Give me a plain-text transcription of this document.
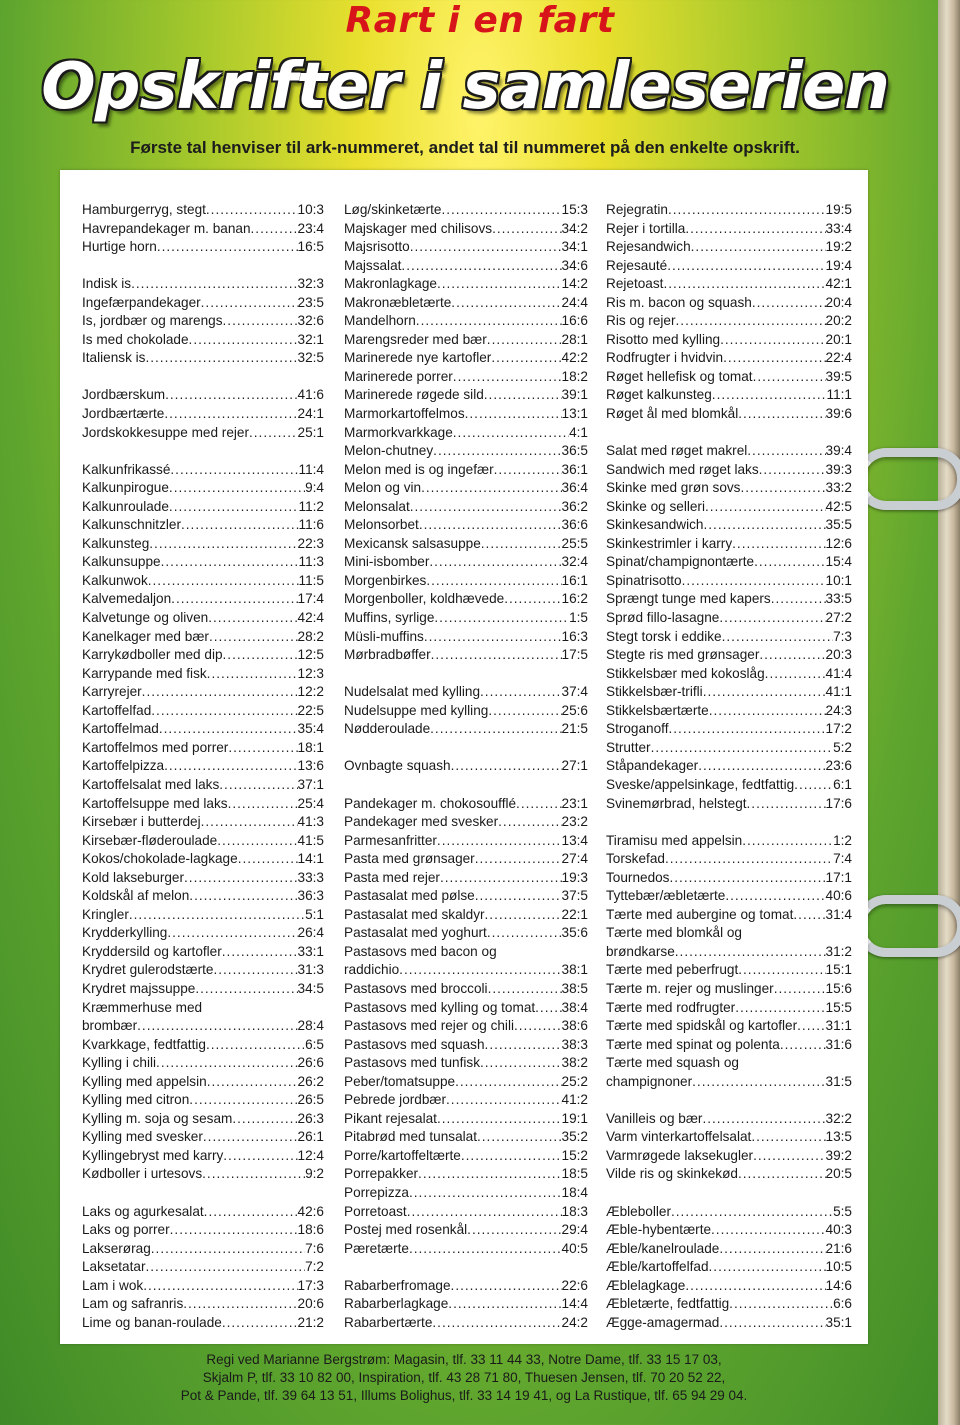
Rart i en fart
Opskrifter i samleserien
Første tal henviser til ark-nummeret, andet tal til nummeret på den enkelte opskrift.
Hamburgerryg, stegt .....	10:3
Havrepandekager m. banan .....	23:4
Hurtige horn .....	16:5
Indisk is .....	32:3
Ingefærpandekager .....	23:5
Is, jordbær og marengs .....	32:6
Is med chokolade .....	32:1
Italiensk is .....	32:5
Jordbærskum .....	41:6
Jordbærtærte .....	24:1
Jordskokkesuppe med rejer .....	25:1
Kalkunfrikassé .....	11:4
Kalkunpirogue .....	9:4
Kalkunroulade .....	11:2
Kalkunschnitzler .....	11:6
Kalkunsteg .....	22:3
Kalkunsuppe .....	11:3
Kalkunwok .....	11:5
Kalvemedaljon .....	17:4
Kalvetunge og oliven .....	42:4
Kanelkager med bær .....	28:2
Karrykødboller med dip .....	12:5
Karrypande med fisk .....	12:3
Karryrejer .....	12:2
Kartoffelfad .....	22:5
Kartoffelmad .....	35:4
Kartoffelmos med porrer .....	18:1
Kartoffelpizza .....	13:6
Kartoffelsalat med laks .....	37:1
Kartoffelsuppe med laks .....	25:4
Kirsebær i butterdej .....	41:3
Kirsebær-fløderoulade .....	41:5
Kokos/chokolade-lagkage .....	14:1
Kold lakseburger .....	33:3
Koldskål af melon .....	36:3
Kringler .....	5:1
Krydderkylling .....	26:4
Kryddersild og kartofler .....	33:1
Krydret gulerodstærte .....	31:3
Krydret majssuppe .....	34:5
Kræmmerhuse med
brombær .....	28:4
Kvarkkage, fedtfattig .....	6:5
Kylling i chili .....	26:6
Kylling med appelsin .....	26:2
Kylling med citron .....	26:5
Kylling m. soja og sesam .....	26:3
Kylling med svesker .....	26:1
Kyllingebryst med karry .....	12:4
Kødboller i urtesovs .....	9:2
Laks og agurkesalat .....	42:6
Laks og porrer .....	18:6
Lakserørag .....	7:6
Laksetatar .....	7:2
Lam i wok .....	17:3
Lam og safranris .....	20:6
Lime og banan-roulade .....	21:2
Løg/skinketærte .....	15:3
Majskager med chilisovs .....	34:2
Majsrisotto .....	34:1
Majssalat .....	34:6
Makronlagkage .....	14:2
Makronæbletærte .....	24:4
Mandelhorn .....	16:6
Marengsreder med bær .....	28:1
Marinerede nye kartofler .....	42:2
Marinerede porrer .....	18:2
Marinerede røgede sild .....	39:1
Marmorkartoffelmos .....	13:1
Marmorkvarkkage .....	4:1
Melon-chutney .....	36:5
Melon med is og ingefær .....	36:1
Melon og vin .....	36:4
Melonsalat .....	36:2
Melonsorbet .....	36:6
Mexicansk salsasuppe .....	25:5
Mini-isbomber .....	32:4
Morgenbirkes .....	16:1
Morgenboller, koldhævede .....	16:2
Muffins, syrlige .....	1:5
Müsli-muffins .....	16:3
Mørbradbøffer .....	17:5
Nudelsalat med kylling .....	37:4
Nudelsuppe med kylling .....	25:6
Nødderoulade .....	21:5
Ovnbagte squash .....	27:1
Pandekager m. chokosoufflé .....	23:1
Pandekager med svesker .....	23:2
Parmesanfritter .....	13:4
Pasta med grønsager .....	27:4
Pasta med rejer .....	19:3
Pastasalat med pølse .....	37:5
Pastasalat med skaldyr .....	22:1
Pastasalat med yoghurt .....	35:6
Pastasovs med bacon og
raddichio .....	38:1
Pastasovs med broccoli .....	38:5
Pastasovs med kylling og tomat ..... 38:4
Pastasovs med rejer og chili .....	38:6
Pastasovs med squash .....	38:3
Pastasovs med tunfisk .....	38:2
Peber/tomatsuppe .....	25:2
Pebrede jordbær .....	41:2
Pikant rejesalat .....	19:1
Pitabrød med tunsalat .....	35:2
Porre/kartoffeltærte .....	15:2
Porrepakker .....	18:5
Porrepizza .....	18:4
Porretoast .....	18:3
Postej med rosenkål .....	29:4
Pæretærte .....	40:5
Rabarberfromage .....	22:6
Rabarberlagkage .....	14:4
Rabarbertærte .....	24:2
Rejegratin .....	19:5
Rejer i tortilla .....	33:4
Rejesandwich .....	19:2
Rejesauté .....	19:4
Rejetoast .....	42:1
Ris m. bacon og squash .....	20:4
Ris og rejer .....	20:2
Risotto med kylling .....	20:1
Rodfrugter i hvidvin .....	22:4
Røget hellefisk og tomat .....	39:5
Røget kalkunsteg .....	11:1
Røget ål med blomkål .....	39:6
Salat med røget makrel .....	39:4
Sandwich med røget laks .....	39:3
Skinke med grøn sovs .....	33:2
Skinke og selleri .....	42:5
Skinkesandwich .....	35:5
Skinkestrimler i karry .....	12:6
Spinat/champignontærte .....	15:4
Spinatrisotto .....	10:1
Sprængt tunge med kapers .....	33:5
Sprød fillo-lasagne .....	27:2
Stegt torsk i eddike .....	7:3
Stegte ris med grønsager .....	20:3
Stikkelsbær med kokoslåg .....	41:4
Stikkelsbær-trifli .....	41:1
Stikkelsbærtærte .....	24:3
Stroganoff .....	17:2
Strutter .....	5:2
Ståpandekager .....	23:6
Sveske/appelsinkage, fedtfattig .....	6:1
Svinemørbrad, helstegt .....	17:6
Tiramisu med appelsin .....	1:2
Torskefad .....	7:4
Tournedos .....	17:1
Tyttebær/æbletærte .....	40:6
Tærte med aubergine og tomat ..... 31:4
Tærte med blomkål og
brøndkarse .....	31:2
Tærte med peberfrugt .....	15:1
Tærte m. rejer og muslinger .....	15:6
Tærte med rodfrugter .....	15:5
Tærte med spidskål og kartofler ..... 31:1
Tærte med spinat og polenta .....	31:6
Tærte med squash og
champignoner .....	31:5
Vanilleis og bær .....	32:2
Varm vinterkartoffelsalat .....	13:5
Varmrøgede laksekugler .....	39:2
Vilde ris og skinkekød .....	20:5
Æbleboller .....	5:5
Æble-hybentærte .....	40:3
Æble/kanelroulade .....	21:6
Æble/kartoffelfad .....	10:5
Æblelagkage .....	14:6
Æbletærte, fedtfattig .....	6:6
Ægge-amagermad .....	35:1
Regi ved Marianne Bergstrøm: Magasin, tlf. 33 11 44 33, Notre Dame, tlf. 33 15 17 03,
Skjalm P, tlf. 33 10 82 00, Inspiration, tlf. 43 28 71 80, Thuesen Jensen, tlf. 70 20 52 22,
Pot & Pande, tlf. 39 64 13 51, Illums Bolighus, tlf. 33 14 19 41, og La Rustique, tlf. 65 94 29 04.
